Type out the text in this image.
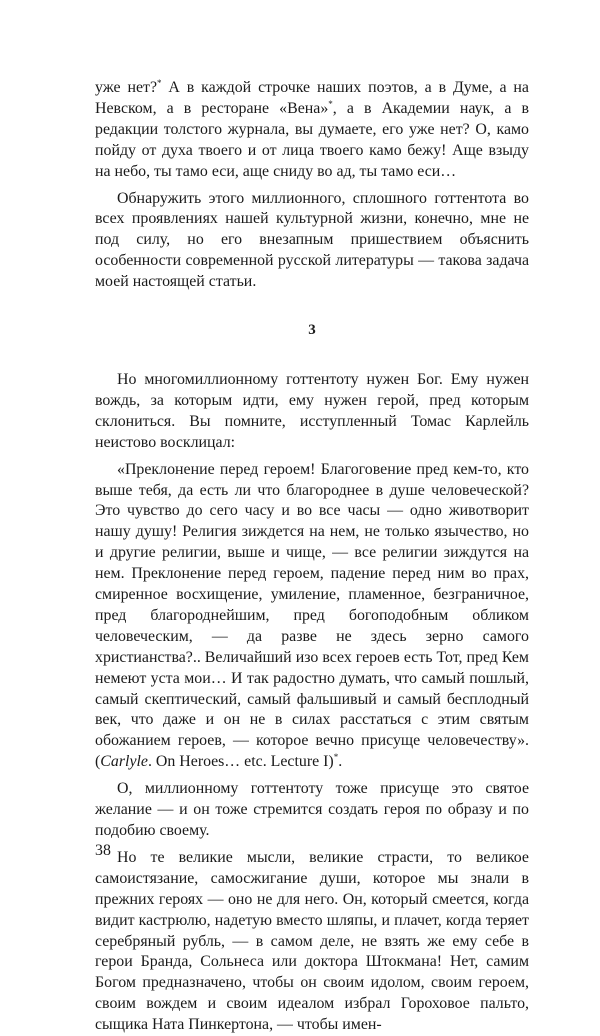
уже нет?* А в каждой строчке наших поэтов, а в Думе, а на Невском, а в ресторане «Вена»*, а в Академии наук, а в редакции толстого журнала, вы думаете, его уже нет? О, камо пойду от духа твоего и от лица твоего камо бежу! Аще взыду на небо, ты тамо еси, аще сниду во ад, ты тамо еси…

Обнаружить этого миллионного, сплошного готтентота во всех проявлениях нашей культурной жизни, конечно, мне не под силу, но его внезапным пришествием объяснить особенности современной русской литературы — такова задача моей настоящей статьи.

3

Но многомиллионному готтентоту нужен Бог. Ему нужен вождь, за которым идти, ему нужен герой, пред которым склониться. Вы помните, исступленный Томас Карлейль неистово восклицал:

«Преклонение перед героем! Благоговение пред кем-то, кто выше тебя, да есть ли что благороднее в душе человеческой? Это чувство до сего часу и во все часы — одно животворит нашу душу! Религия зиждется на нем, не только язычество, но и другие религии, выше и чище, — все религии зиждутся на нем. Преклонение перед героем, падение перед ним во прах, смиренное восхищение, умиление, пламенное, безграничное, пред благороднейшим, пред богоподобным обликом человеческим, — да разве не здесь зерно самого христианства?.. Величайший изо всех героев есть Тот, пред Кем немеют уста мои… И так радостно думать, что самый пошлый, самый скептический, самый фальшивый и самый бесплодный век, что даже и он не в силах расстаться с этим святым обожанием героев, — которое вечно присуще человечеству». (Carlyle. On Heroes… etc. Lecture I)*.

О, миллионному готтентоту тоже присуще это святое желание — и он тоже стремится создать героя по образу и по подобию своему.

Но те великие мысли, великие страсти, то великое самоистязание, самосжигание души, которое мы знали в прежних героях — оно не для него. Он, который смеется, когда видит кастрюлю, надетую вместо шляпы, и плачет, когда теряет серебряный рубль, — в самом деле, не взять же ему себе в герои Бранда, Сольнеса или доктора Штокмана! Нет, самим Богом предназначено, чтобы он своим идолом, своим героем, своим вождем и своим идеалом избрал Гороховое пальто, сыщика Ната Пинкертона, — чтобы имен-

38
